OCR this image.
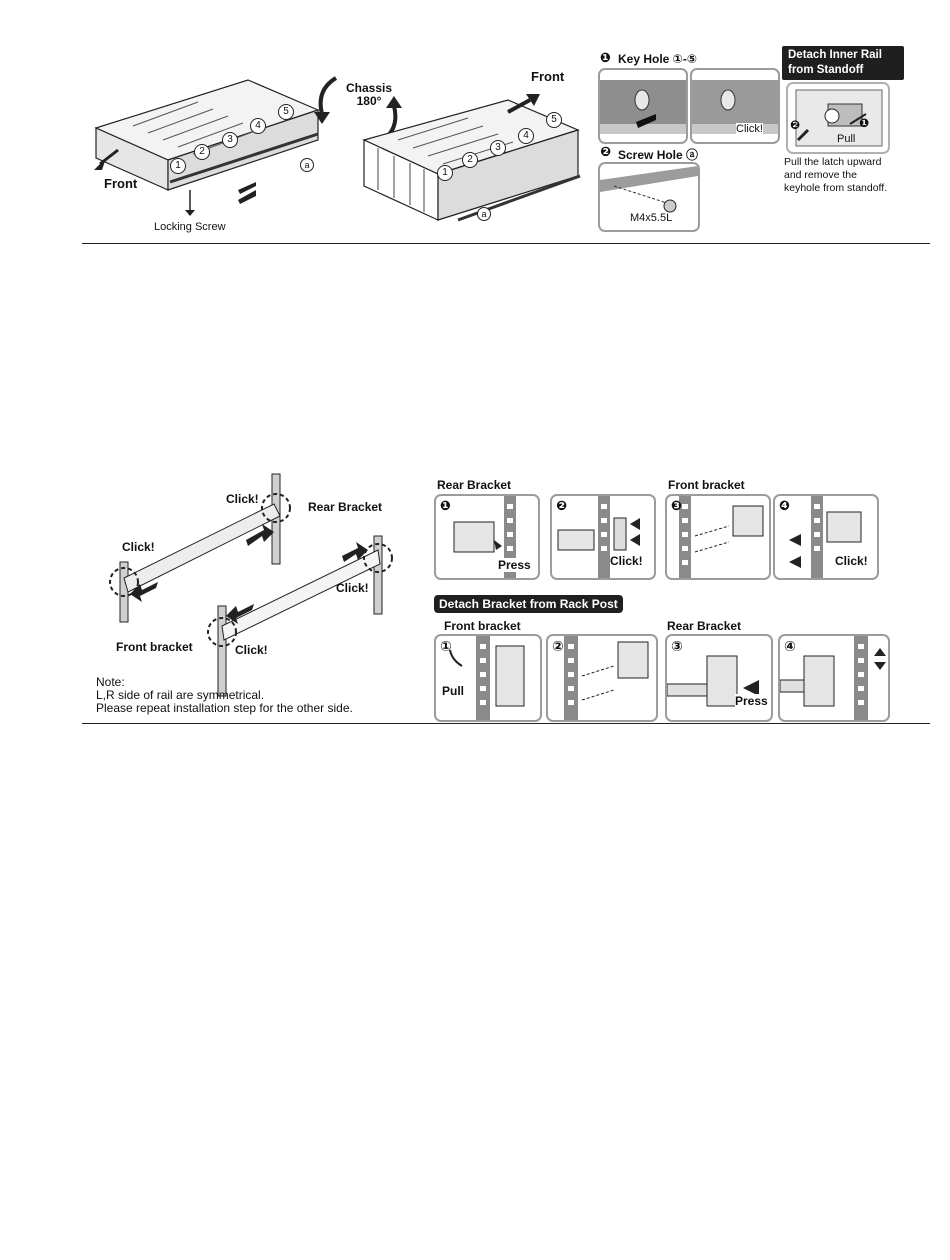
Front
Locking Screw
Chassis
180°
Front
1
2
3
4
5
a
1
2
3
4
5
a
❶ Key Hole ①-⑤
Click!
❷ Screw Hole ⓐ
M4x5.5L
Detach Inner Rail
from Standoff
❷	❶
Pull
Pull the latch upward
and remove the
keyhole from standoff.
Click!
Rear Bracket
Click!
Click!
Front bracket	Click!
Note:
L,R side of rail are symmetrical.
Please repeat installation step for the other side.
Rear Bracket	Front bracket
❶
Press
❷
Click!
❸	❹
Click!
Detach Bracket from Rack Post
Front bracket	Rear Bracket
①
Pull
②	③
Press
④
